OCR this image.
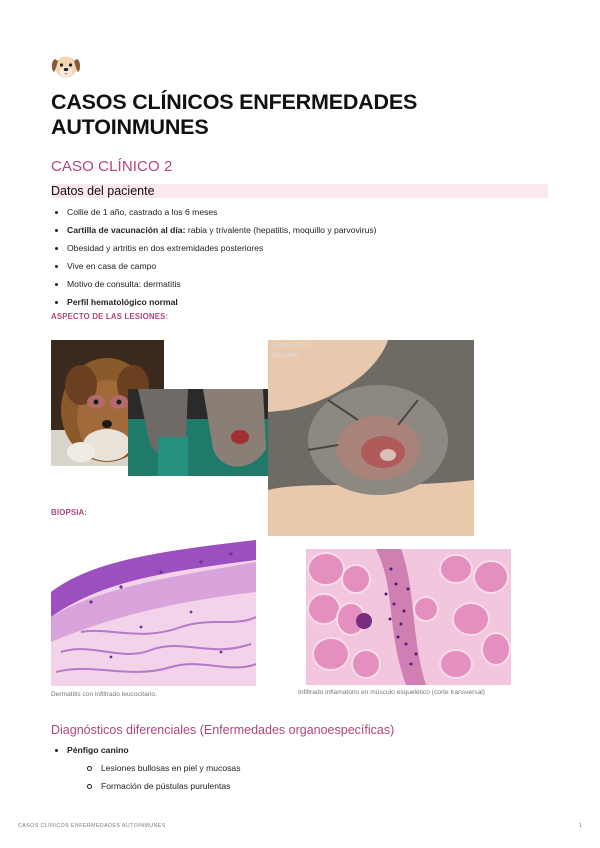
CASOS CLÍNICOS ENFERMEDADES AUTOINMUNES
CASO CLÍNICO 2
Datos del paciente
Collie de 1 año, castrado a los 6 meses
Cartilla de vacunación al día: rabia y trivalente (hepatitis, moquillo y parvovirus)
Obesidad y artritis en dos extremidades posteriores
Vive en casa de campo
Motivo de consulta: dermatitis
Perfil hematológico normal

ASPECTO DE LAS LESIONES:

López 2003
de León

BIOPSIA:

Dermatitis con infiltrado leucocitario.	Infiltrado inflamatorio en músculo esquelético (corte transversal)

Diagnósticos diferenciales (Enfermedades organoespecíficas)
Pénfigo canino
Lesiones bullosas en piel y mucosas
Formación de pústulas purulentas

CASOS CLÍNICOS ENFERMEDADES AUTOINMUNES	1
